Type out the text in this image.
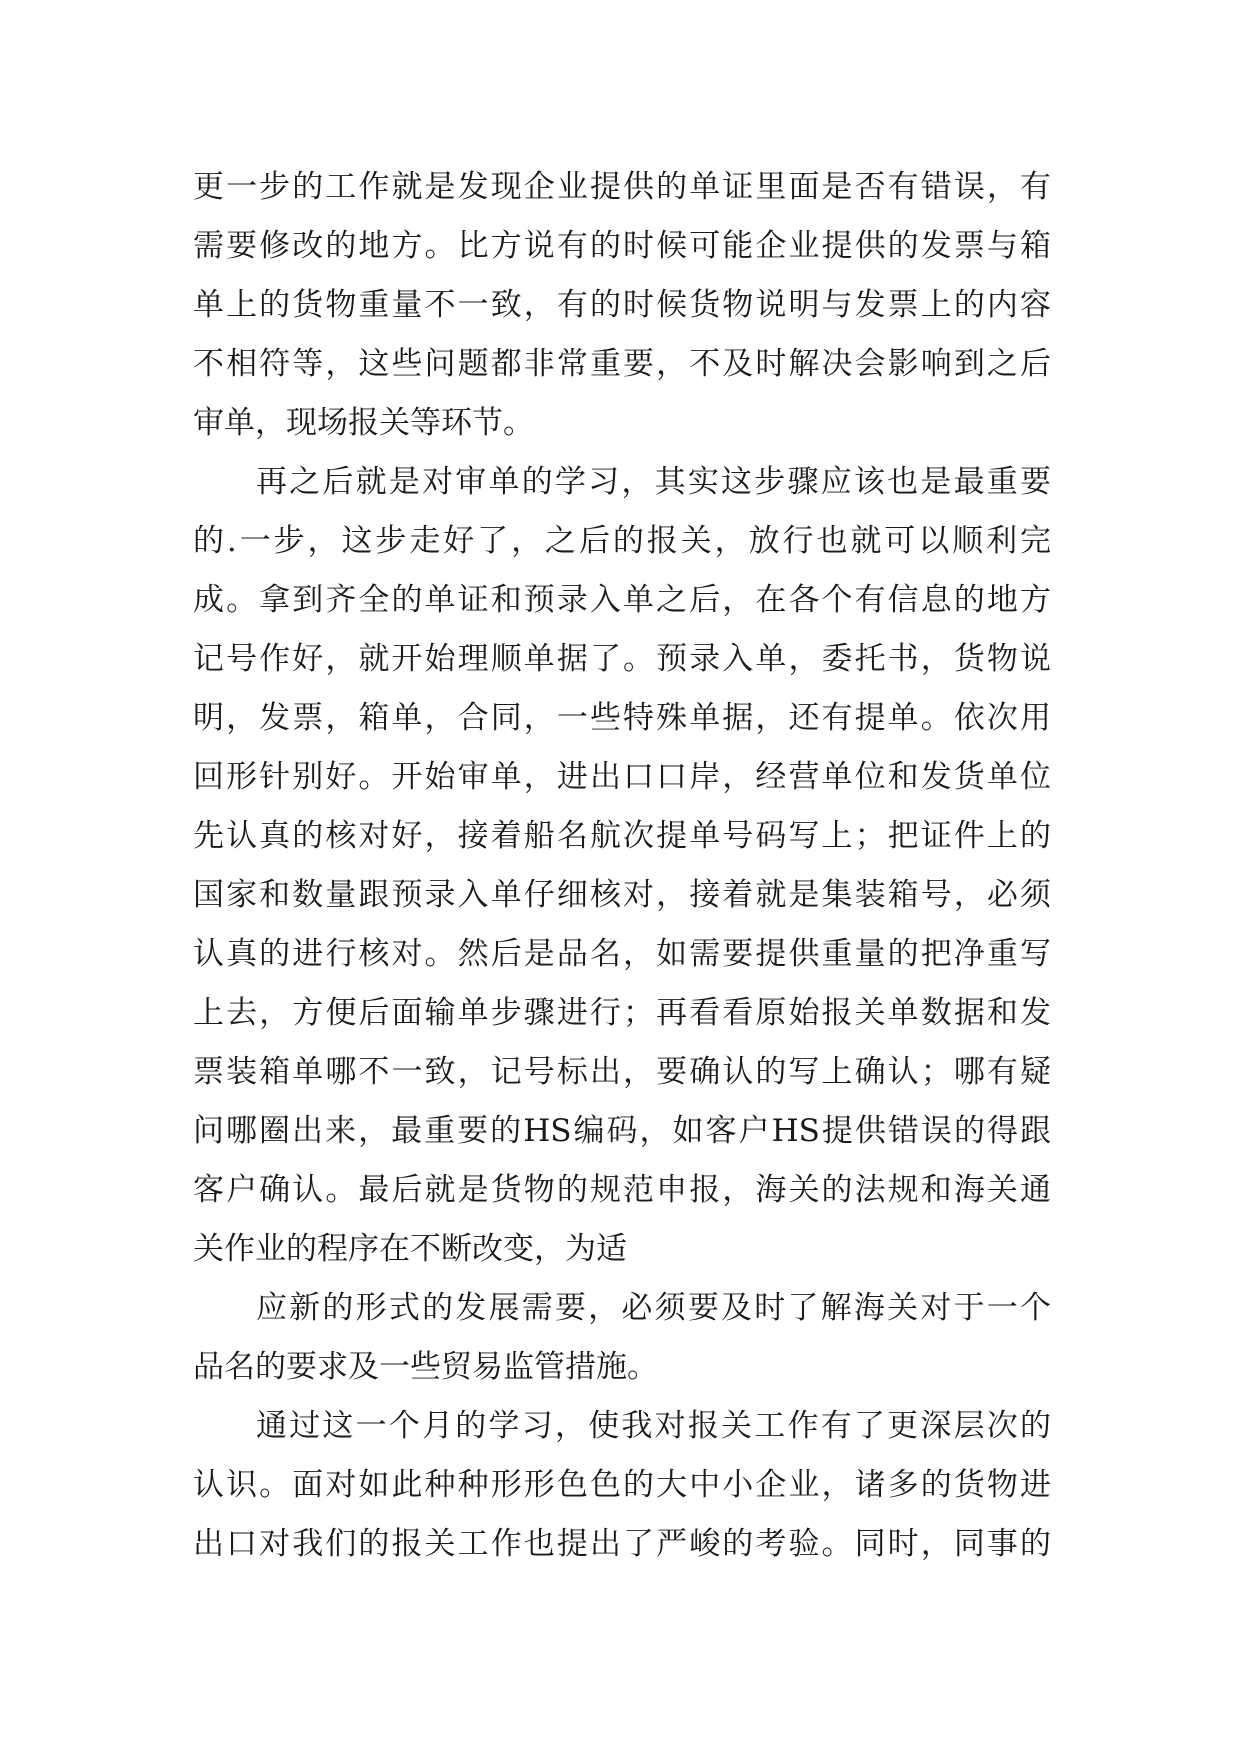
更一步的工作就是发现企业提供的单证里面是否有错误，有
需要修改的地方。比方说有的时候可能企业提供的发票与箱
单上的货物重量不一致，有的时候货物说明与发票上的内容
不相符等，这些问题都非常重要，不及时解决会影响到之后
审单，现场报关等环节。
再之后就是对审单的学习，其实这步骤应该也是最重要
的.一步，这步走好了，之后的报关，放行也就可以顺利完
成。拿到齐全的单证和预录入单之后，在各个有信息的地方
记号作好，就开始理顺单据了。预录入单，委托书，货物说
明，发票，箱单，合同，一些特殊单据，还有提单。依次用
回形针别好。开始审单，进出口口岸，经营单位和发货单位
先认真的核对好，接着船名航次提单号码写上；把证件上的
国家和数量跟预录入单仔细核对，接着就是集装箱号，必须
认真的进行核对。然后是品名，如需要提供重量的把净重写
上去，方便后面输单步骤进行；再看看原始报关单数据和发
票装箱单哪不一致，记号标出，要确认的写上确认；哪有疑
问哪圈出来，最重要的HS编码，如客户HS提供错误的得跟
客户确认。最后就是货物的规范申报，海关的法规和海关通
关作业的程序在不断改变，为适
应新的形式的发展需要，必须要及时了解海关对于一个
品名的要求及一些贸易监管措施。
通过这一个月的学习，使我对报关工作有了更深层次的
认识。面对如此种种形形色色的大中小企业，诸多的货物进
出口对我们的报关工作也提出了严峻的考验。同时，同事的
